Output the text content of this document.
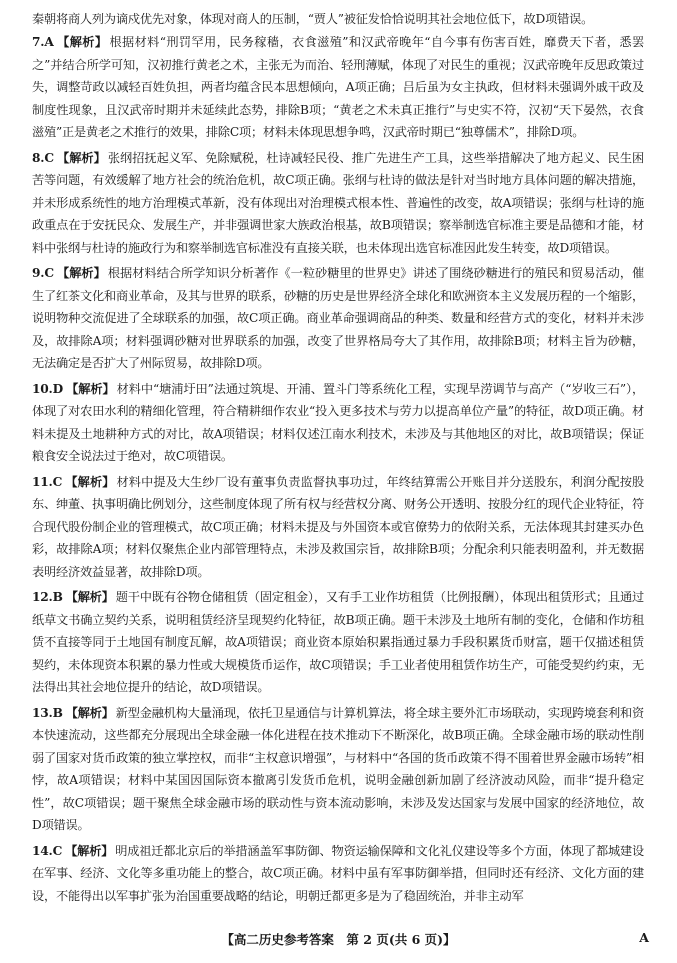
秦朝将商人列为谪戍优先对象，体现对商人的压制，“贾人”被征发恰恰说明其社会地位低下，故D项错误。
7.A 【解析】 根据材料“刑罚罕用，民务稼穑，衣食滋殖”和汉武帝晚年“自今事有伤害百姓，靡费天下者，悉罢之”并结合所学可知，汉初推行黄老之术，主张无为而治、轻刑薄赋，体现了对民生的重视；汉武帝晚年反思政策过失，调整苛政以减轻百姓负担，两者均蕴含民本思想倾向，A项正确；吕后虽为女主执政，但材料未强调外戚干政及制度性现象，且汉武帝时期并未延续此态势，排除B项；“黄老之术未真正推行”与史实不符，汉初“天下晏然，衣食滋殖”正是黄老之术推行的效果，排除C项；材料未体现思想争鸣，汉武帝时期已“独尊儒术”，排除D项。
8.C 【解析】 张纲招抚起义军、免除赋税，杜诗减轻民役、推广先进生产工具，这些举措解决了地方起义、民生困苦等问题，有效缓解了地方社会的统治危机，故C项正确。张纲与杜诗的做法是针对当时地方具体问题的解决措施，并未形成系统性的地方治理模式革新，没有体现出对治理模式根本性、普遍性的改变，故A项错误；张纲与杜诗的施政重点在于安抚民众、发展生产，并非强调世家大族政治根基，故B项错误；察举制选官标准主要是品德和才能，材料中张纲与杜诗的施政行为和察举制选官标准没有直接关联，也未体现出选官标准因此发生转变，故D项错误。
9.C 【解析】 根据材料结合所学知识分析著作《一粒砂糖里的世界史》讲述了围绕砂糖进行的殖民和贸易活动，催生了红茶文化和商业革命，及其与世界的联系，砂糖的历史是世界经济全球化和欧洲资本主义发展历程的一个缩影，说明物种交流促进了全球联系的加强，故C项正确。商业革命强调商品的种类、数量和经营方式的变化，材料并未涉及，故排除A项；材料强调砂糖对世界联系的加强，改变了世界格局夸大了其作用，故排除B项；材料主旨为砂糖，无法确定是否扩大了州际贸易，故排除D项。
10.D 【解析】 材料中“塘浦圩田”法通过筑堤、开浦、置斗门等系统化工程，实现旱涝调节与高产（“岁收三石”），体现了对农田水利的精细化管理，符合精耕细作农业“投入更多技术与劳力以提高单位产量”的特征，故D项正确。材料未提及土地耕种方式的对比，故A项错误；材料仅述江南水利技术，未涉及与其他地区的对比，故B项错误；保证粮食安全说法过于绝对，故C项错误。
11.C 【解析】 材料中提及大生纱厂设有董事负责监督执事功过，年终结算需公开账目并分送股东，利润分配按股东、绅董、执事明确比例划分，这些制度体现了所有权与经营权分离、财务公开透明、按股分红的现代企业特征，符合现代股份制企业的管理模式，故C项正确；材料未提及与外国资本或官僚势力的依附关系，无法体现其封建买办色彩，故排除A项；材料仅聚焦企业内部管理特点，未涉及救国宗旨，故排除B项；分配余利只能表明盈利，并无数据表明经济效益显著，故排除D项。
12.B 【解析】 题干中既有谷物仓储租赁（固定租金），又有手工业作坊租赁（比例报酬），体现出租赁形式；且通过纸草文书确立契约关系，说明租赁经济呈现契约化特征，故B项正确。题干未涉及土地所有制的变化，仓储和作坊租赁不直接等同于土地国有制度瓦解，故A项错误；商业资本原始积累指通过暴力手段积累货币财富，题干仅描述租赁契约，未体现资本积累的暴力性或大规模货币运作，故C项错误；手工业者使用租赁作坊生产，可能受契约约束，无法得出其社会地位提升的结论，故D项错误。
13.B 【解析】 新型金融机构大量涌现，依托卫星通信与计算机算法，将全球主要外汇市场联动，实现跨境套利和资本快速流动，这些都充分展现出全球金融一体化进程在技术推动下不断深化，故B项正确。全球金融市场的联动性削弱了国家对货币政策的独立掌控权，而非“主权意识增强”，与材料中“各国的货币政策不得不围着世界金融市场转”相悖，故A项错误；材料中某国因国际资本撤离引发货币危机，说明金融创新加剧了经济波动风险，而非“提升稳定性”，故C项错误；题干聚焦全球金融市场的联动性与资本流动影响，未涉及发达国家与发展中国家的经济地位，故D项错误。
14.C 【解析】 明成祖迁都北京后的举措涵盖军事防御、物资运输保障和文化礼仪建设等多个方面，体现了都城建设在军事、经济、文化等多重功能上的整合，故C项正确。材料中虽有军事防御举措，但同时还有经济、文化方面的建设，不能得出以军事扩张为治国重要战略的结论，明朝迁都更多是为了稳固统治，并非主动军
【高二历史参考答案　第 2 页(共 6 页)】	A
